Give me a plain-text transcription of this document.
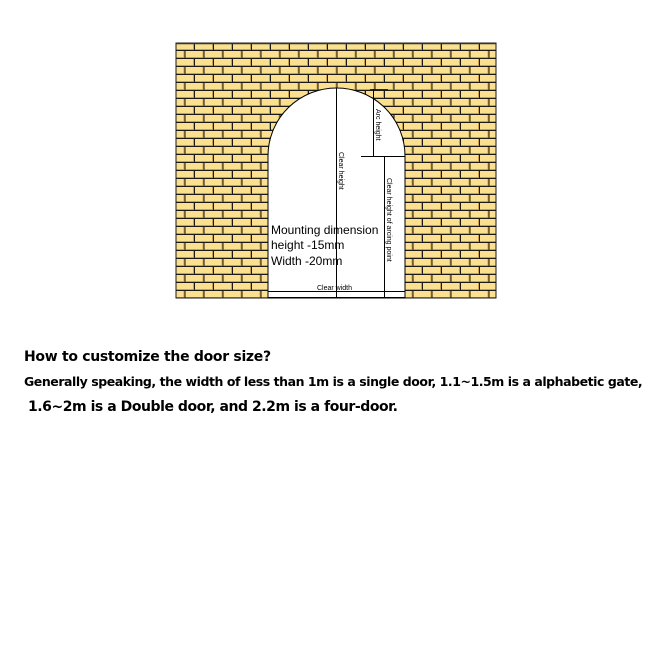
Clear height
Arc height
Clear height of arcing point
Clear width
Mounting dimension
height -15mm
Width -20mm
How to customize the door size?
Generally speaking, the width of less than 1m is a single door, 1.1~1.5m is a alphabetic gate,
1.6~2m is a Double door, and 2.2m is a four-door.
